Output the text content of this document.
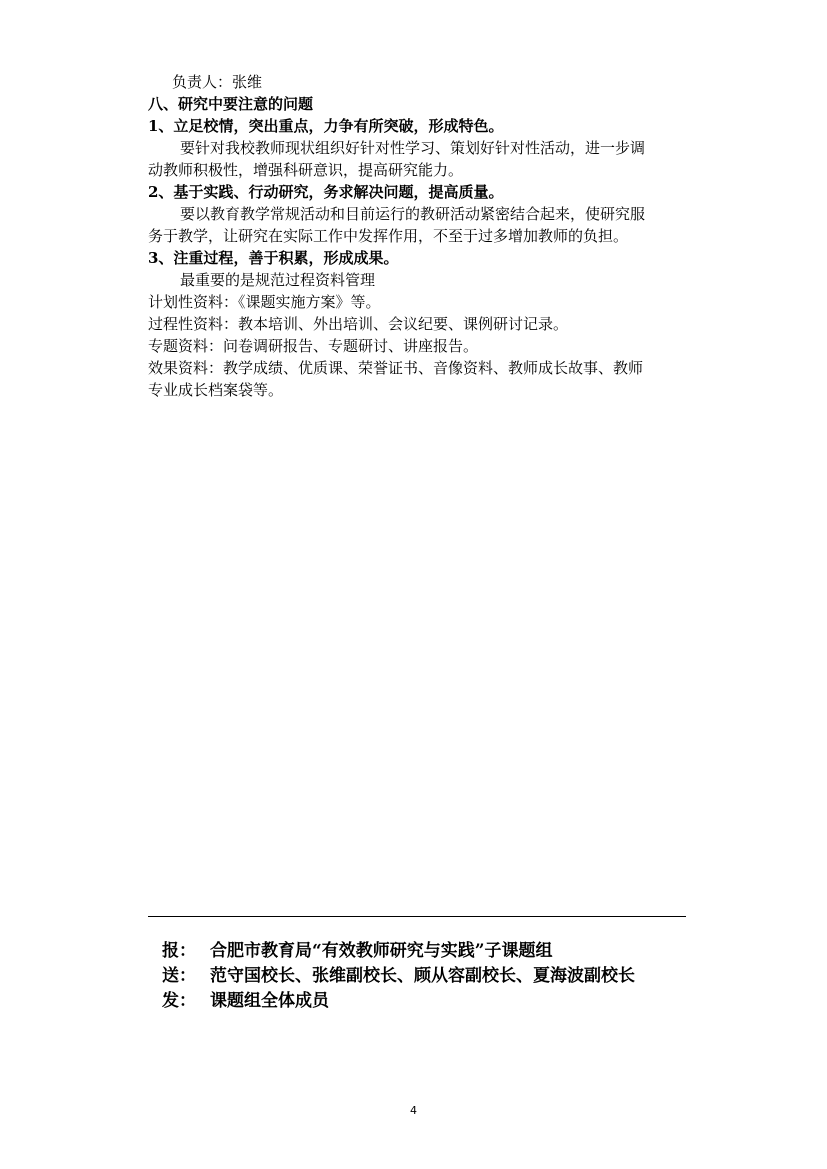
负责人：张维
八、研究中要注意的问题
1、立足校情，突出重点，力争有所突破，形成特色。
要针对我校教师现状组织好针对性学习、策划好针对性活动，进一步调
动教师积极性，增强科研意识，提高研究能力。
2、基于实践、行动研究，务求解决问题，提高质量。
要以教育教学常规活动和目前运行的教研活动紧密结合起来，使研究服
务于教学，让研究在实际工作中发挥作用，不至于过多增加教师的负担。
3、注重过程，善于积累，形成成果。
最重要的是规范过程资料管理
计划性资料：《课题实施方案》等。
过程性资料：教本培训、外出培训、会议纪要、课例研讨记录。
专题资料：问卷调研报告、专题研讨、讲座报告。
效果资料：教学成绩、优质课、荣誉证书、音像资料、教师成长故事、教师
专业成长档案袋等。
报： 合肥市教育局“有效教师研究与实践”子课题组
送： 范守国校长、张维副校长、顾从容副校长、夏海波副校长
发： 课题组全体成员
4
